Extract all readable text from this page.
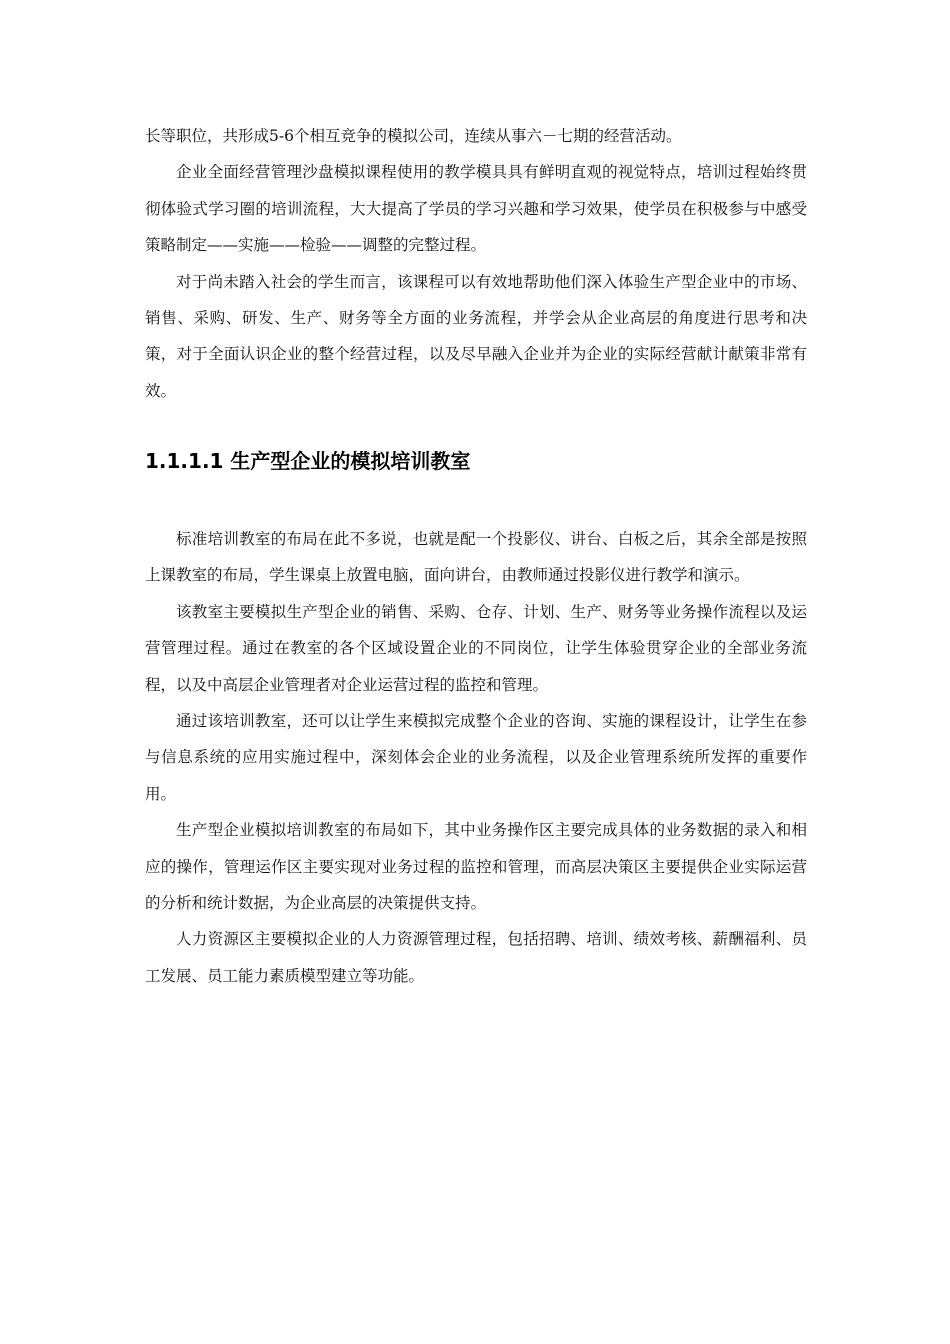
长等职位，共形成5-6个相互竞争的模拟公司，连续从事六－七期的经营活动。

企业全面经营管理沙盘模拟课程使用的教学模具具有鲜明直观的视觉特点，培训过程始终贯彻体验式学习圈的培训流程，大大提高了学员的学习兴趣和学习效果，使学员在积极参与中感受策略制定——实施——检验——调整的完整过程。

对于尚未踏入社会的学生而言，该课程可以有效地帮助他们深入体验生产型企业中的市场、销售、采购、研发、生产、财务等全方面的业务流程，并学会从企业高层的角度进行思考和决策，对于全面认识企业的整个经营过程，以及尽早融入企业并为企业的实际经营献计献策非常有效。

1.1.1.1 生产型企业的模拟培训教室

标准培训教室的布局在此不多说，也就是配一个投影仪、讲台、白板之后，其余全部是按照上课教室的布局，学生课桌上放置电脑，面向讲台，由教师通过投影仪进行教学和演示。

该教室主要模拟生产型企业的销售、采购、仓存、计划、生产、财务等业务操作流程以及运营管理过程。通过在教室的各个区域设置企业的不同岗位，让学生体验贯穿企业的全部业务流程，以及中高层企业管理者对企业运营过程的监控和管理。

通过该培训教室，还可以让学生来模拟完成整个企业的咨询、实施的课程设计，让学生在参与信息系统的应用实施过程中，深刻体会企业的业务流程，以及企业管理系统所发挥的重要作用。

生产型企业模拟培训教室的布局如下，其中业务操作区主要完成具体的业务数据的录入和相应的操作，管理运作区主要实现对业务过程的监控和管理，而高层决策区主要提供企业实际运营的分析和统计数据，为企业高层的决策提供支持。

人力资源区主要模拟企业的人力资源管理过程，包括招聘、培训、绩效考核、薪酬福利、员工发展、员工能力素质模型建立等功能。
